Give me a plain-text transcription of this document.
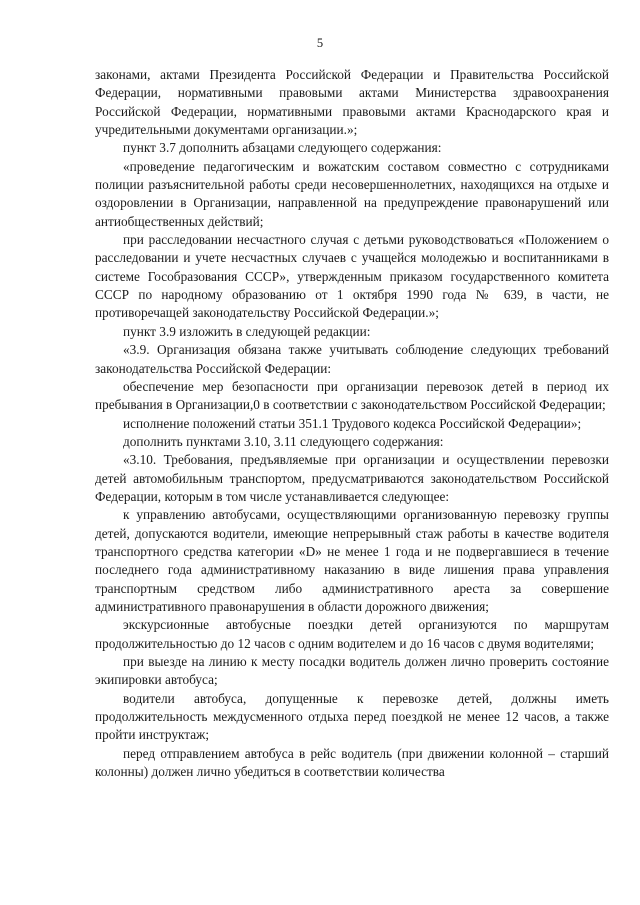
5

законами, актами Президента Российской Федерации и Правительства Российской Федерации, нормативными правовыми актами Министерства здравоохранения Российской Федерации, нормативными правовыми актами Краснодарского края и учредительными документами организации.»;

пункт 3.7 дополнить абзацами следующего содержания:

«проведение педагогическим и вожатским составом совместно с сотрудниками полиции разъяснительной работы среди несовершеннолетних, находящихся на отдыхе и оздоровлении в Организации, направленной на предупреждение правонарушений или антиобщественных действий;

при расследовании несчастного случая с детьми руководствоваться «Положением о расследовании и учете несчастных случаев с учащейся молодежью и воспитанниками в системе Гособразования СССР», утвержденным приказом государственного комитета СССР по народному образованию от 1 октября 1990 года № 639, в части, не противоречащей законодательству Российской Федерации.»;

пункт 3.9 изложить в следующей редакции:

«3.9. Организация обязана также учитывать соблюдение следующих требований законодательства Российской Федерации:

обеспечение мер безопасности при организации перевозок детей в период их пребывания в Организации,0 в соответствии с законодательством Российской Федерации;

исполнение положений статьи 351.1 Трудового кодекса Российской Федерации»;

дополнить пунктами 3.10, 3.11 следующего содержания:

«3.10. Требования, предъявляемые при организации и осуществлении перевозки детей автомобильным транспортом, предусматриваются законодательством Российской Федерации, которым в том числе устанавливается следующее:

к управлению автобусами, осуществляющими организованную перевозку группы детей, допускаются водители, имеющие непрерывный стаж работы в качестве водителя транспортного средства категории «D» не менее 1 года и не подвергавшиеся в течение последнего года административному наказанию в виде лишения права управления транспортным средством либо административного ареста за совершение административного правонарушения в области дорожного движения;

экскурсионные автобусные поездки детей организуются по маршрутам продолжительностью до 12 часов с одним водителем и до 16 часов с двумя водителями;

при выезде на линию к месту посадки водитель должен лично проверить состояние экипировки автобуса;

водители автобуса, допущенные к перевозке детей, должны иметь продолжительность междусменного отдыха перед поездкой не менее 12 часов, а также пройти инструктаж;

перед отправлением автобуса в рейс водитель (при движении колонной – старший колонны) должен лично убедиться в соответствии количества
